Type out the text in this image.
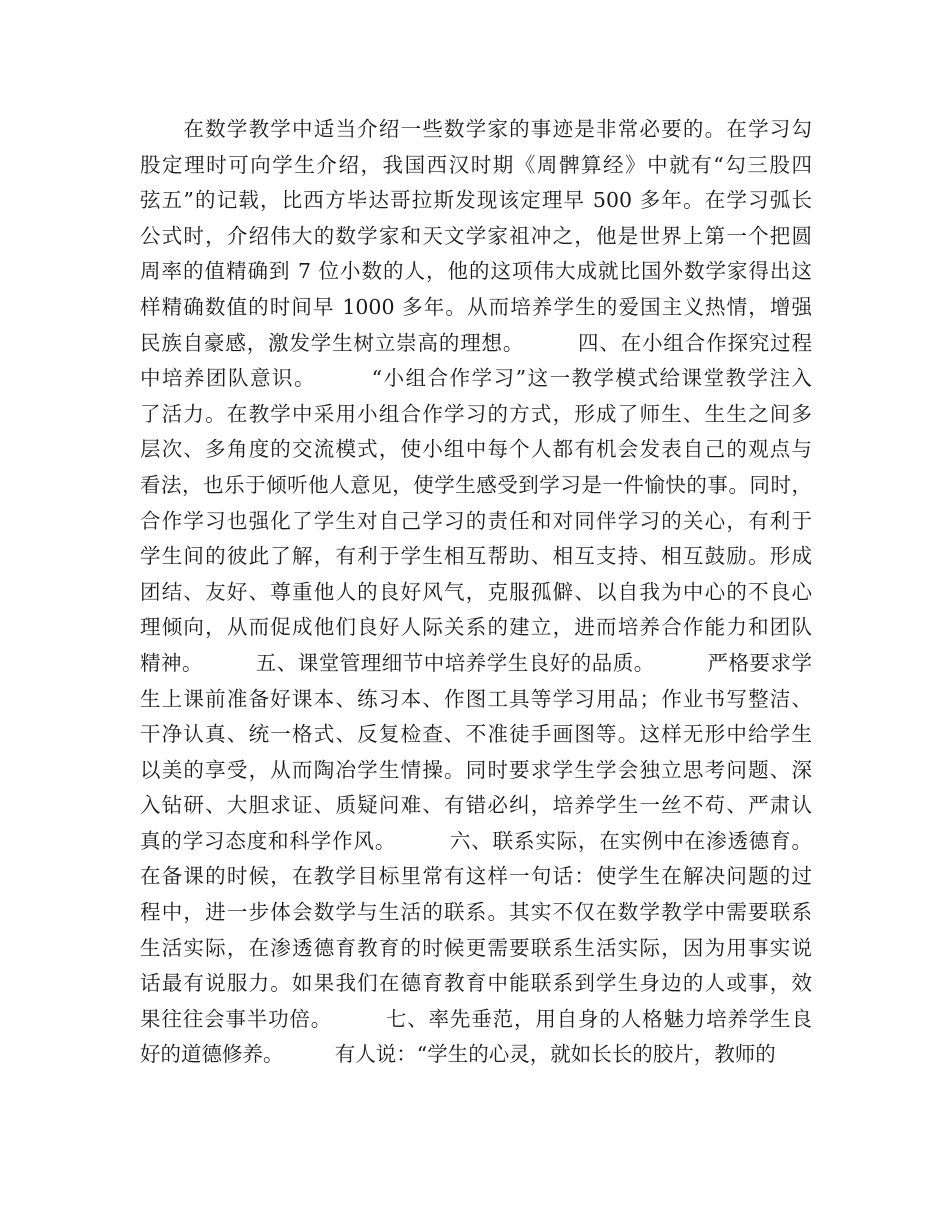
　　在数学教学中适当介绍一些数学家的事迹是非常必要的。在学习勾
股定理时可向学生介绍，我国西汉时期《周髀算经》中就有“勾三股四
弦五”的记载，比西方毕达哥拉斯发现该定理早 500 多年。在学习弧长
公式时，介绍伟大的数学家和天文学家祖冲之，他是世界上第一个把圆
周率的值精确到 7 位小数的人，他的这项伟大成就比国外数学家得出这
样精确数值的时间早 1000 多年。从而培养学生的爱国主义热情，增强
民族自豪感，激发学生树立崇高的理想。　　　四、在小组合作探究过程
中培养团队意识。　　　“小组合作学习”这一教学模式给课堂教学注入
了活力。在教学中采用小组合作学习的方式，形成了师生、生生之间多
层次、多角度的交流模式，使小组中每个人都有机会发表自己的观点与
看法，也乐于倾听他人意见，使学生感受到学习是一件愉快的事。同时，
合作学习也强化了学生对自己学习的责任和对同伴学习的关心，有利于
学生间的彼此了解，有利于学生相互帮助、相互支持、相互鼓励。形成
团结、友好、尊重他人的良好风气，克服孤僻、以自我为中心的不良心
理倾向，从而促成他们良好人际关系的建立，进而培养合作能力和团队
精神。　　　五、课堂管理细节中培养学生良好的品质。　　　严格要求学
生上课前准备好课本、练习本、作图工具等学习用品；作业书写整洁、
干净认真、统一格式、反复检查、不准徒手画图等。这样无形中给学生
以美的享受，从而陶冶学生情操。同时要求学生学会独立思考问题、深
入钻研、大胆求证、质疑问难、有错必纠，培养学生一丝不苟、严肃认
真的学习态度和科学作风。　　　六、联系实际，在实例中在渗透德育。
在备课的时候，在教学目标里常有这样一句话：使学生在解决问题的过
程中，进一步体会数学与生活的联系。其实不仅在数学教学中需要联系
生活实际，在渗透德育教育的时候更需要联系生活实际，因为用事实说
话最有说服力。如果我们在德育教育中能联系到学生身边的人或事，效
果往往会事半功倍。　　　七、率先垂范，用自身的人格魅力培养学生良
好的道德修养。　　　有人说：“学生的心灵，就如长长的胶片，教师的
